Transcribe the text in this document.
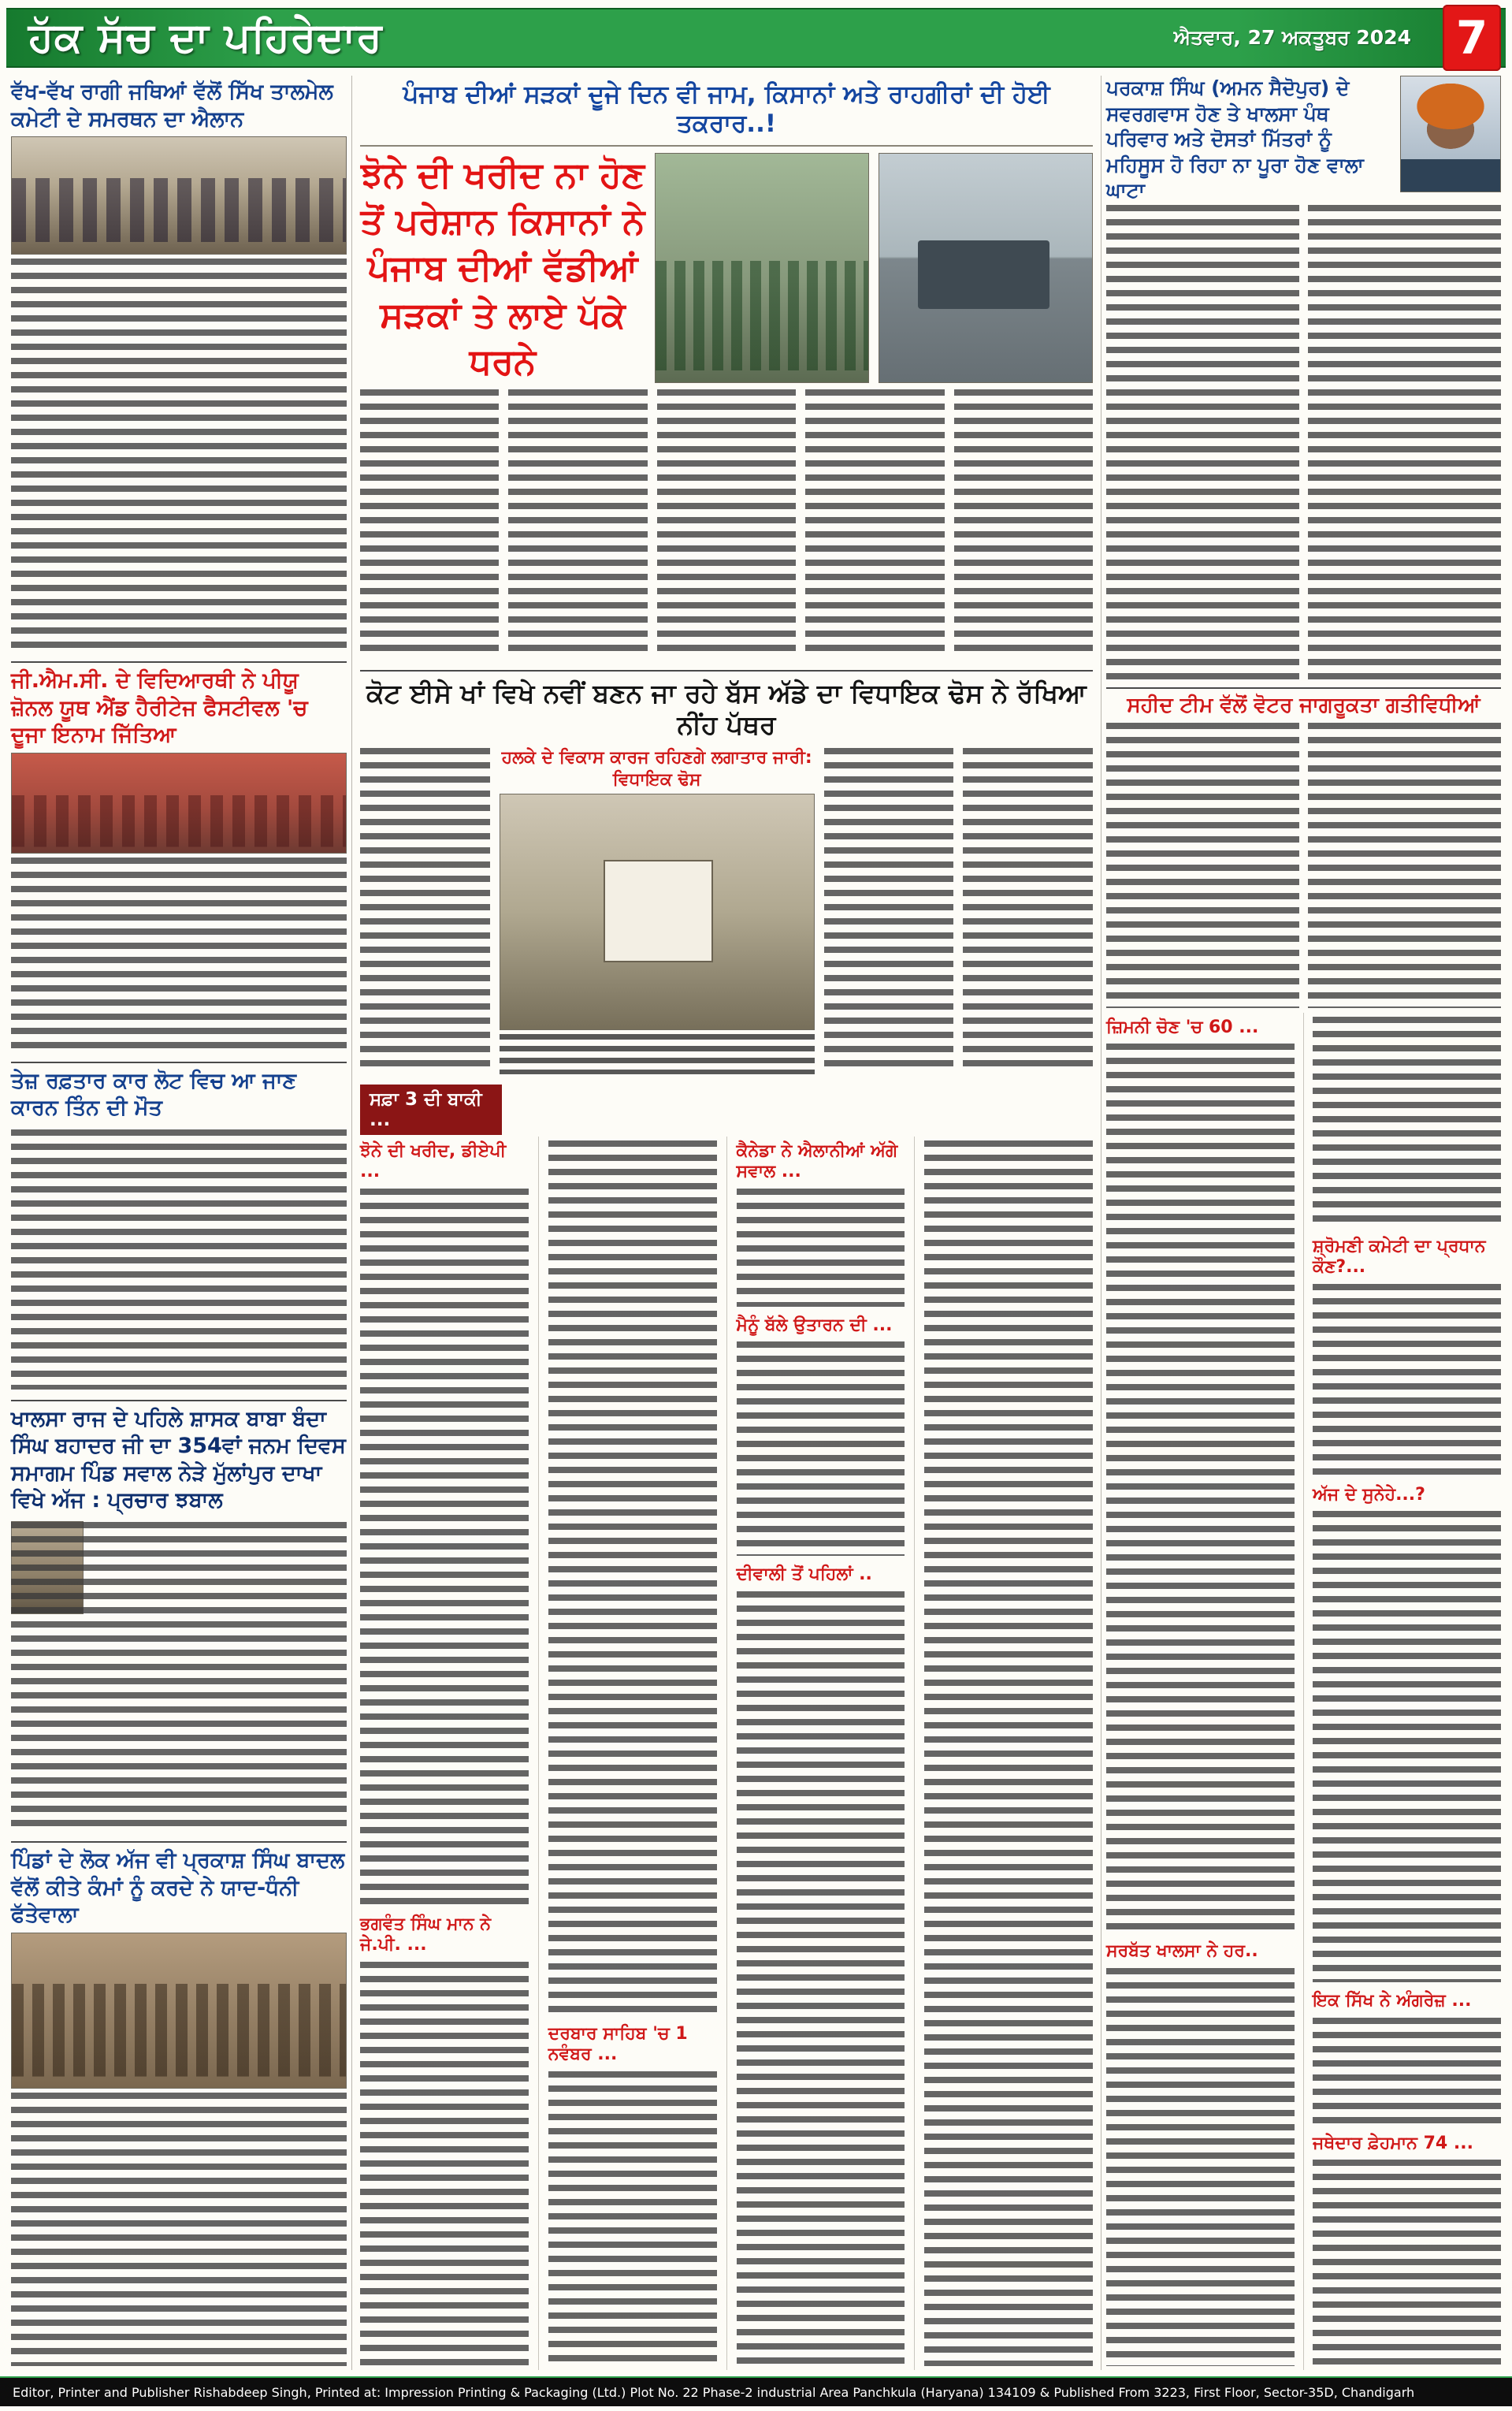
ਹੱਕ ਸੱਚ ਦਾ ਪਹਿਰੇਦਾਰ	ਐਤਵਾਰ, 27 ਅਕਤੂਬਰ 2024 7
ਵੱਖ-ਵੱਖ ਰਾਗੀ ਜਥਿਆਂ ਵੱਲੋਂ ਸਿੱਖ ਤਾਲਮੇਲ ਕਮੇਟੀ ਦੇ ਸਮਰਥਨ ਦਾ ਐਲਾਨ
ਜੀ.ਐਮ.ਸੀ. ਦੇ ਵਿਦਿਆਰਥੀ ਨੇ ਪੀਯੂ ਜ਼ੋਨਲ ਯੂਥ ਐਂਡ ਹੈਰੀਟੇਜ ਫੈਸਟੀਵਲ 'ਚ ਦੂਜਾ ਇਨਾਮ ਜਿੱਤਿਆ
ਤੇਜ਼ ਰਫ਼ਤਾਰ ਕਾਰ ਲੋਟ ਵਿਚ ਆ ਜਾਣ ਕਾਰਨ ਤਿੰਨ ਦੀ ਮੌਤ
ਖਾਲਸਾ ਰਾਜ ਦੇ ਪਹਿਲੇ ਸ਼ਾਸਕ ਬਾਬਾ ਬੰਦਾ ਸਿੰਘ ਬਹਾਦਰ ਜੀ ਦਾ 354ਵਾਂ ਜਨਮ ਦਿਵਸ ਸਮਾਗਮ ਪਿੰਡ ਸਵਾਲ ਨੇੜੇ ਮੁੱਲਾਂਪੁਰ ਦਾਖਾ ਵਿਖੇ ਅੱਜ : ਪ੍ਰਚਾਰ ਝਬਾਲ
ਪਿੰਡਾਂ ਦੇ ਲੋਕ ਅੱਜ ਵੀ ਪ੍ਰਕਾਸ਼ ਸਿੰਘ ਬਾਦਲ ਵੱਲੋਂ ਕੀਤੇ ਕੰਮਾਂ ਨੂੰ ਕਰਦੇ ਨੇ ਯਾਦ-ਧੰਨੀ ਫੱਤੇਵਾਲਾ
ਪੰਜਾਬ ਦੀਆਂ ਸੜਕਾਂ ਦੂਜੇ ਦਿਨ ਵੀ ਜਾਮ, ਕਿਸਾਨਾਂ ਅਤੇ ਰਾਹਗੀਰਾਂ ਦੀ ਹੋਈ ਤਕਰਾਰ..!
ਝੋਨੇ ਦੀ ਖਰੀਦ ਨਾ ਹੋਣ ਤੋਂ ਪਰੇਸ਼ਾਨ ਕਿਸਾਨਾਂ ਨੇ ਪੰਜਾਬ ਦੀਆਂ ਵੱਡੀਆਂ ਸੜਕਾਂ ਤੇ ਲਾਏ ਪੱਕੇ ਧਰਨੇ
ਕੋਟ ਈਸੇ ਖਾਂ ਵਿਖੇ ਨਵੀਂ ਬਣਨ ਜਾ ਰਹੇ ਬੱਸ ਅੱਡੇ ਦਾ ਵਿਧਾਇਕ ਢੋਸ ਨੇ ਰੱਖਿਆ ਨੀਂਹ ਪੱਥਰ
ਹਲਕੇ ਦੇ ਵਿਕਾਸ ਕਾਰਜ ਰਹਿਣਗੇ ਲਗਾਤਾਰ ਜਾਰੀ: ਵਿਧਾਇਕ ਢੋਸ
ਸਫ਼ਾ 3 ਦੀ ਬਾਕੀ ...
ਝੋਨੇ ਦੀ ਖਰੀਦ, ਡੀਏਪੀ ...
ਭਗਵੰਤ ਸਿੰਘ ਮਾਨ ਨੇ ਜੇ.ਪੀ. ...
ਦਰਬਾਰ ਸਾਹਿਬ 'ਚ 1 ਨਵੰਬਰ ...
ਕੈਨੇਡਾ ਨੇ ਐਲਾਨੀਆਂ ਅੱਗੇ ਸਵਾਲ ...
ਮੈਨੂੰ ਬੱਲੇ ਉਤਾਰਨ ਦੀ ...
ਦੀਵਾਲੀ ਤੋਂ ਪਹਿਲਾਂ ..
ਪਰਕਾਸ਼ ਸਿੰਘ (ਅਮਨ ਸੈਦੋਪੁਰ) ਦੇ ਸਵਰਗਵਾਸ ਹੋਣ ਤੇ ਖਾਲਸਾ ਪੰਥ ਪਰਿਵਾਰ ਅਤੇ ਦੋਸਤਾਂ ਮਿੱਤਰਾਂ ਨੂੰ ਮਹਿਸੂਸ ਹੋ ਰਿਹਾ ਨਾ ਪੂਰਾ ਹੋਣ ਵਾਲਾ ਘਾਟਾ
ਸਹੀਦ ਟੀਮ ਵੱਲੋਂ ਵੋਟਰ ਜਾਗਰੂਕਤਾ ਗਤੀਵਿਧੀਆਂ
ਜ਼ਿਮਨੀ ਚੋਣ 'ਚ 60 ...
ਸਰਬੱਤ ਖਾਲਸਾ ਨੇ ਹਰ..
ਸ਼੍ਰੋਮਣੀ ਕਮੇਟੀ ਦਾ ਪ੍ਰਧਾਨ ਕੌਣ?...
ਅੱਜ ਦੇ ਸੁਨੇਹੇ...?
ਇਕ ਸਿੱਖ ਨੇ ਅੰਗਰੇਜ਼ ...
ਜਥੇਦਾਰ ਫ਼ੇਹਮਾਨ 74 ...
Editor, Printer and Publisher Rishabdeep Singh, Printed at: Impression Printing & Packaging (Ltd.) Plot No. 22 Phase-2 industrial Area Panchkula (Haryana) 134109 & Published From 3223, First Floor, Sector-35D, Chandigarh
